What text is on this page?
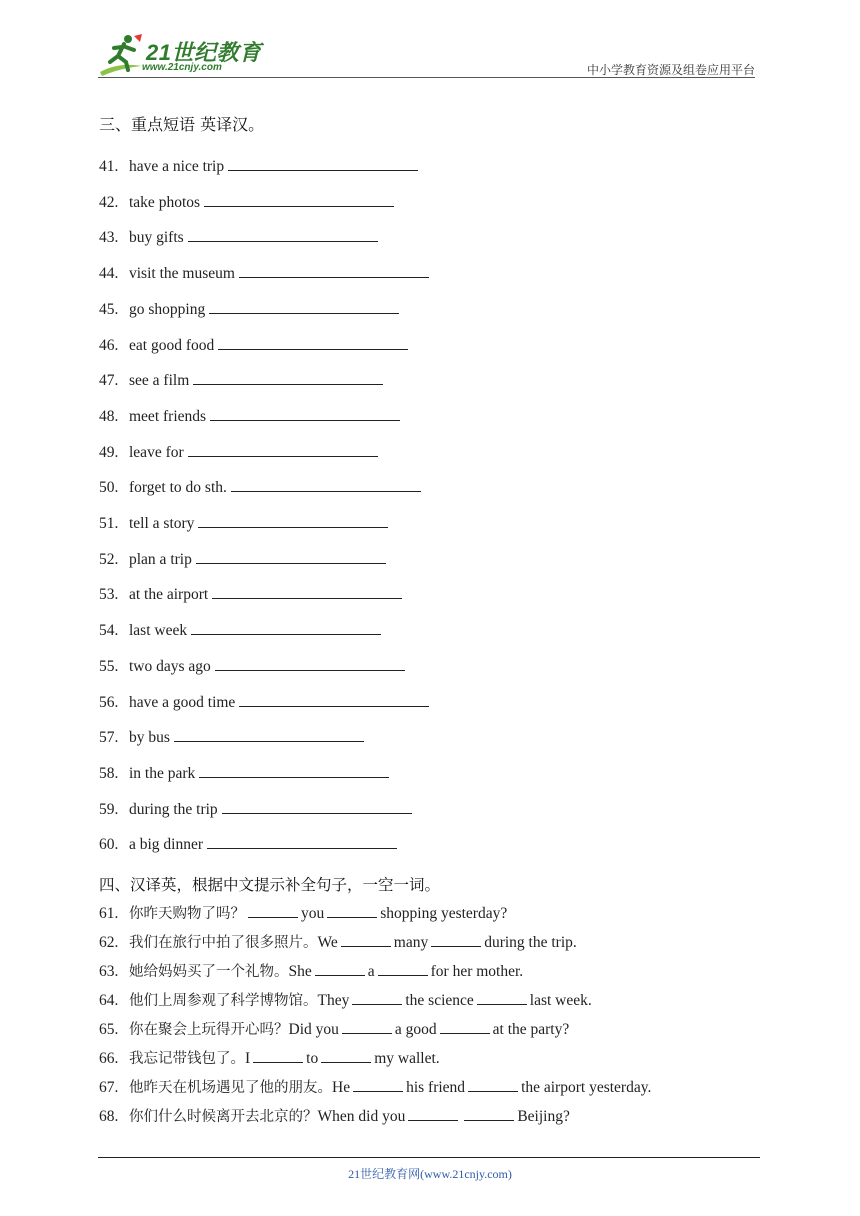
21世纪教育
www.21cnjy.com	中小学教育资源及组卷应用平台
三、重点短语 英译汉。
41. have a nice trip
42. take photos
43. buy gifts
44. visit the museum
45. go shopping
46. eat good food
47. see a film
48. meet friends
49. leave for
50. forget to do sth.
51. tell a story
52. plan a trip
53. at the airport
54. last week
55. two days ago
56. have a good time
57. by bus
58. in the park
59. during the trip
60. a big dinner
四、汉译英，根据中文提示补全句子，一空一词。
61. 你昨天购物了吗？	you	shopping yesterday?
62. 我们在旅行中拍了很多照片。We	many	during the trip.
63. 她给妈妈买了一个礼物。She	a	for her mother.
64. 他们上周参观了科学博物馆。They	the science	last week.
65. 你在聚会上玩得开心吗？Did you	a good	at the party?
66. 我忘记带钱包了。I	to	my wallet.
67. 他昨天在机场遇见了他的朋友。He	his friend	the airport yesterday.
68. 你们什么时候离开去北京的？When did you	Beijing?
21世纪教育网(www.21cnjy.com)
